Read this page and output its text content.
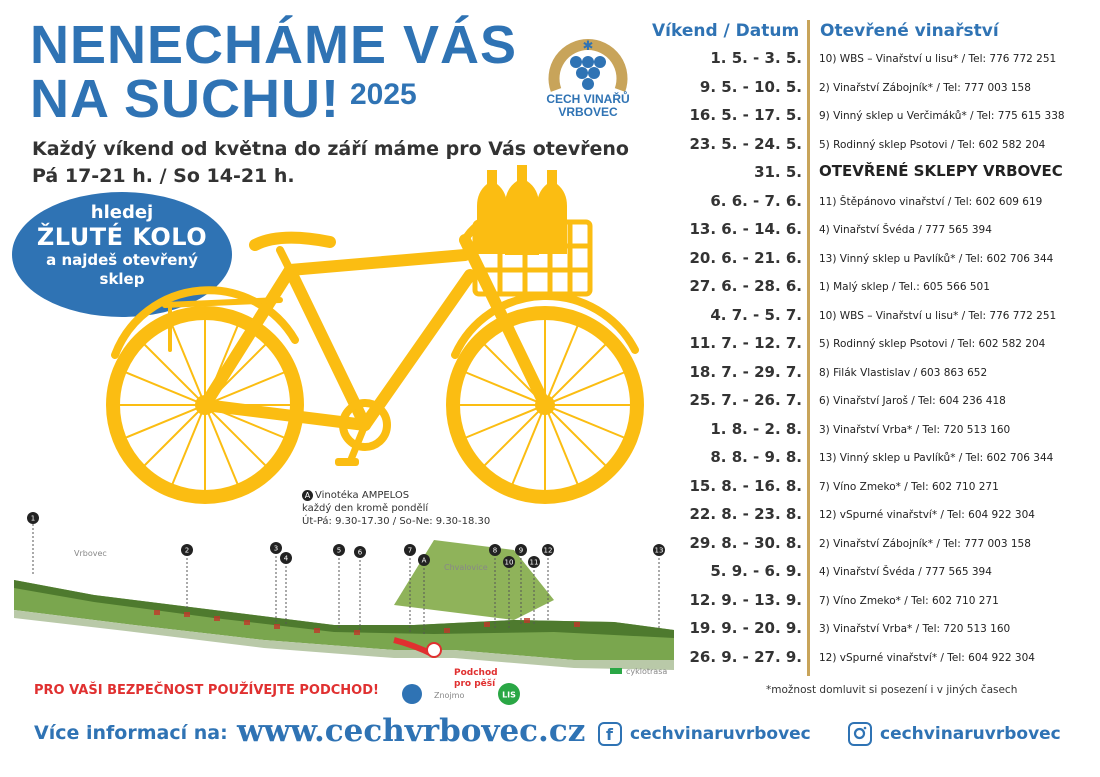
NENECHÁME VÁS
NA SUCHU! 2025
Každý víkend od května do září máme pro Vás otevřeno
Pá 17-21 h. / So 14-21 h.
✱
CECH VINAŘŮ
VRBOVEC
hledej
ŽLUTÉ KOLO
a najdeš otevřený sklep
A Vinotéka AMPELOS
každý den kromě pondělí
Út-Pá: 9.30-17.30 / So-Ne: 9.30-18.30
1
2	3
4
5 6	7
A
8
10
9
11
12	13
Vrbovec
Chvalovice
Znojmo
cyklotrasa
Podchod
pro pěší
LIS
PRO VAŠI BEZPEČNOST POUŽÍVEJTE PODCHOD!
Víkend / Datum Otevřené vinařství
1. 5. - 3. 5. 10) WBS – Vinařství u lisu* / Tel: 776 772 251
9. 5. - 10. 5. 2) Vinařství Zábojník* / Tel: 777 003 158
16. 5. - 17. 5. 9) Vinný sklep u Verčimáků* / Tel: 775 615 338
23. 5. - 24. 5. 5) Rodinný sklep Psotovi / Tel: 602 582 204
31. 5. OTEVŘENÉ SKLEPY VRBOVEC
6. 6. - 7. 6. 11) Štěpánovo vinařství / Tel: 602 609 619
13. 6. - 14. 6. 4) Vinařství Švéda / 777 565 394
20. 6. - 21. 6. 13) Vinný sklep u Pavlíků* / Tel: 602 706 344
27. 6. - 28. 6. 1) Malý sklep / Tel.: 605 566 501
4. 7. - 5. 7. 10) WBS – Vinařství u lisu* / Tel: 776 772 251
11. 7. - 12. 7. 5) Rodinný sklep Psotovi / Tel: 602 582 204
18. 7. - 29. 7. 8) Filák Vlastislav / 603 863 652
25. 7. - 26. 7. 6) Vinařství Jaroš / Tel: 604 236 418
1. 8. - 2. 8. 3) Vinařství Vrba* / Tel: 720 513 160
8. 8. - 9. 8. 13) Vinný sklep u Pavlíků* / Tel: 602 706 344
15. 8. - 16. 8. 7) Víno Zmeko* / Tel: 602 710 271
22. 8. - 23. 8. 12) vSpurné vinařství* / Tel: 604 922 304
29. 8. - 30. 8. 2) Vinařství Zábojník* / Tel: 777 003 158
5. 9. - 6. 9. 4) Vinařství Švéda / 777 565 394
12. 9. - 13. 9. 7) Víno Zmeko* / Tel: 602 710 271
19. 9. - 20. 9. 3) Vinařství Vrba* / Tel: 720 513 160
26. 9. - 27. 9. 12) vSpurné vinařství* / Tel: 604 922 304
*možnost domluvit si posezení i v jiných časech
Více informací na: www.cechvrbovec.cz f cechvinaruvrbovec	cechvinaruvrbovec
